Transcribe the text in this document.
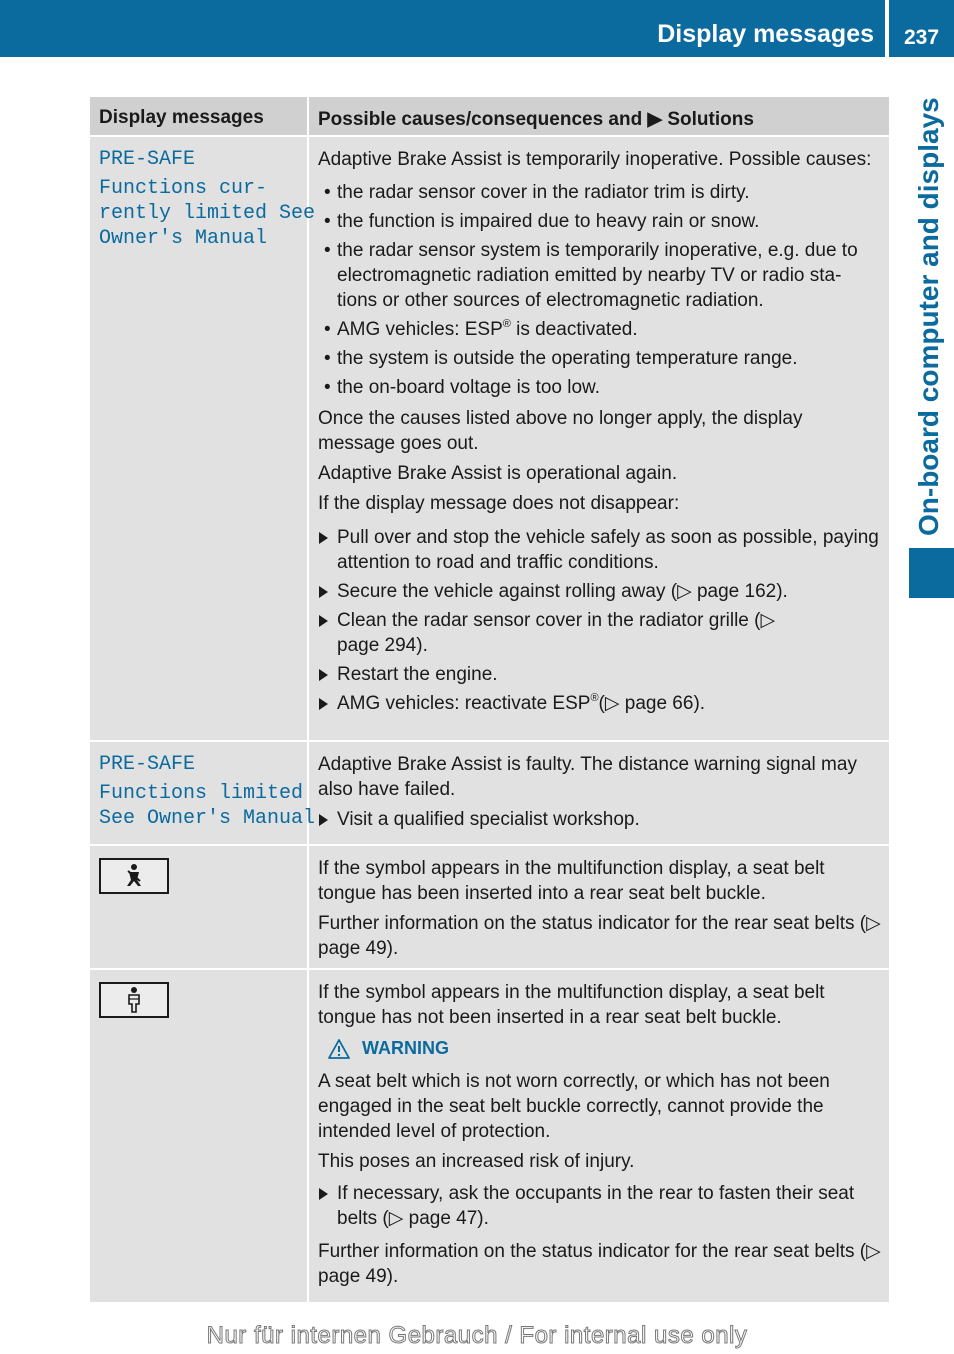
Display messages	237
On-board computer and displays
Display messages	Possible causes/consequences and ▶ Solutions
PRE-SAFE
Functions cur‐
rently limited See
Owner's Manual

Adaptive Brake Assist is temporarily inoperative. Possible causes:

• the radar sensor cover in the radiator trim is dirty.
• the function is impaired due to heavy rain or snow.
• the radar sensor system is temporarily inoperative, e.g. due to electromagnetic radiation emitted by nearby TV or radio sta-tions or other sources of electromagnetic radiation.
• AMG vehicles: ESP® is deactivated.
• the system is outside the operating temperature range.
• the on-board voltage is too low.

Once the causes listed above no longer apply, the display message goes out.

Adaptive Brake Assist is operational again.

If the display message does not disappear:

Pull over and stop the vehicle safely as soon as possible, paying attention to road and traffic conditions.
Secure the vehicle against rolling away (▷ page 162).
Clean the radar sensor cover in the radiator grille (▷ page 294).
Restart the engine.
AMG vehicles: reactivate ESP®(▷ page 66).
PRE-SAFE
Functions limited
See Owner's Manual

Adaptive Brake Assist is faulty. The distance warning signal may also have failed.

Visit a qualified specialist workshop.

If the symbol appears in the multifunction display, a seat belt tongue has been inserted into a rear seat belt buckle.

Further information on the status indicator for the rear seat belts (▷ page 49).

If the symbol appears in the multifunction display, a seat belt tongue has not been inserted in a rear seat belt buckle.

WARNING

A seat belt which is not worn correctly, or which has not been engaged in the seat belt buckle correctly, cannot provide the intended level of protection.

This poses an increased risk of injury.

If necessary, ask the occupants in the rear to fasten their seat belts (▷ page 47).

Further information on the status indicator for the rear seat belts (▷ page 49).

Nur für internen Gebrauch / For internal use only
